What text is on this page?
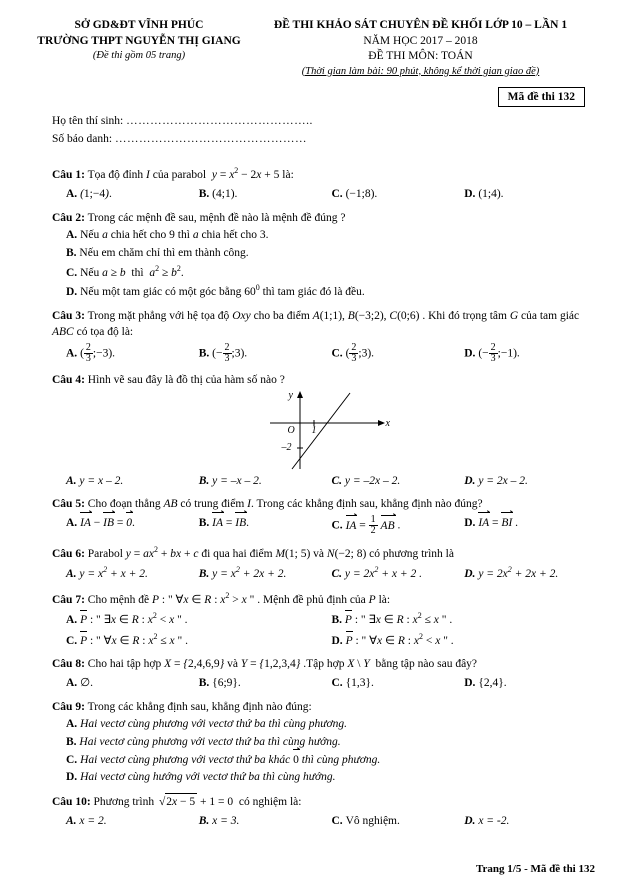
SỞ GD&ĐT VĨNH PHÚC
TRƯỜNG THPT NGUYỄN THỊ GIANG
(Đề thi gồm 05 trang)
ĐỀ THI KHẢO SÁT CHUYÊN ĐỀ KHỐI LỚP 10 – LẦN 1
NĂM HỌC 2017 – 2018
ĐỀ THI MÔN: TOÁN
(Thời gian làm bài: 90 phút, không kể thời gian giao đề)
Mã đề thi 132
Họ tên thí sinh: ………………………………………..
Số báo danh: …………………………………………
Câu 1: Tọa độ đỉnh I của parabol  $y = x^2 - 2x + 5$ là:
A. (1;−4).	B. (4;1).	C. (−1;8).	D. (1;4).
Câu 2: Trong các mệnh đề sau, mệnh đề nào là mệnh đề đúng ?
A. Nếu a chia hết cho 9 thì a chia hết cho 3.
B. Nếu em chăm chỉ thì em thành công.
C. Nếu a ≥ b  thì  $a^2 \ge b^2$.
D. Nếu một tam giác có một góc bằng $60^0$ thì tam giác đó là đều.
Câu 3: Trong mặt phẳng với hệ tọa độ Oxy cho ba điểm A(1;1), B(−3;2), C(0;6) . Khi đó trọng tâm G của tam giác ABC có tọa độ là:
A. ( $\frac{2}{3}$ ;−3).	B. (− $\frac{2}{3}$ ;3).	C. ( $\frac{2}{3}$ ;3).	D. (− $\frac{2}{3}$ ;−1).
Câu 4: Hình vẽ sau đây là đồ thị của hàm số nào ?
y
x
O 1
–2
A. y = x – 2.	B. y = –x – 2.	C. y = –2x – 2.	D. y = 2x – 2.
Câu 5: Cho đoạn thẳng AB có trung điểm I. Trong các khẳng định sau, khẳng định nào đúng?
A. IA − IB = 0.	B. IA = IB.	C. IA = $\frac{1}{2}$ AB .	D. IA = BI .
Câu 6: Parabol $y = ax^2$ + bx + c đi qua hai điểm M(1; 5) và N(−2; 8) có phương trình là
A. $y = x^2 + x + 2$.	B. $y = x^2 + 2x + 2$.	C. $y = 2x^2 + x + 2$ .	D. $y = 2x^2 + 2x + 2$.
Câu 7: Cho mệnh đề P : " ∀x ∈ R : $x^2 > x$ " . Mệnh đề phủ định của P là:
A. P : " ∃x ∈ R : $x^2 < x$ " .	B. P : " ∃x ∈ R : $x^2 \le x$ " .
C. P : " ∀x ∈ R : $x^2 \le x$ " .	D. P : " ∀x ∈ R : $x^2 < x$ " .
Câu 8: Cho hai tập hợp X = {2,4,6,9} và Y = {1,2,3,4} .Tập hợp X \ Y  bằng tập nào sau đây?
A. ∅.	B. {6;9}.	C. {1,3}.	D. {2,4}.
Câu 9: Trong các khẳng định sau, khẳng định nào đúng:
A. Hai vectơ cùng phương với vectơ thứ ba thì cùng phương.
B. Hai vectơ cùng phương với vectơ thứ ba thì cùng hướng.
C. Hai vectơ cùng phương với vectơ thứ ba khác 0 thì cùng phương.
D. Hai vectơ cùng hướng với vectơ thứ ba thì cùng hướng.
Câu 10: Phương trình √2x − 5 + 1 = 0  có nghiệm là:
A. x = 2.	B. x = 3.	C. Vô nghiệm.	D. x = -2.
Trang 1/5 - Mã đề thi 132
